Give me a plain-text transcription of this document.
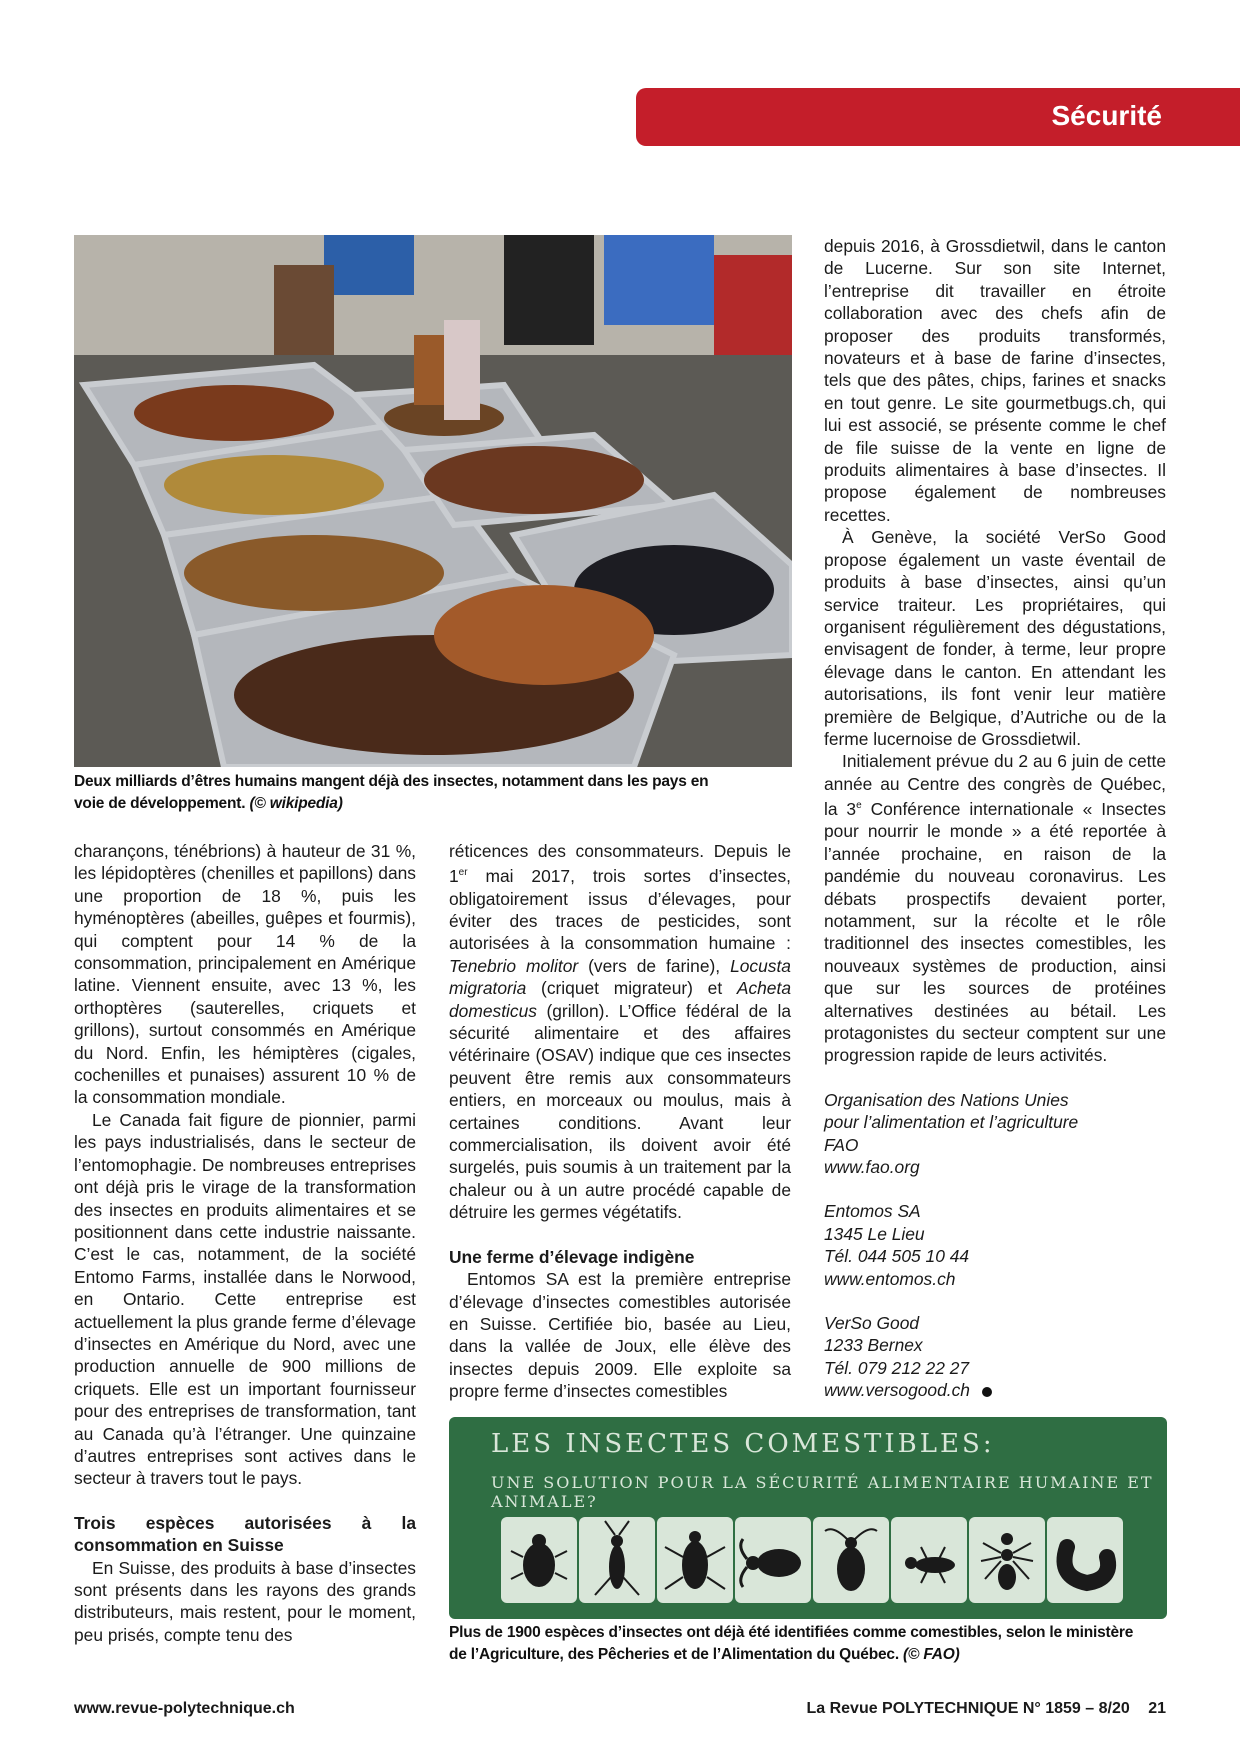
Sécurité
Deux milliards d’êtres humains mangent déjà des insectes, notamment dans les pays en voie de développement. (© wikipedia)

charançons, ténébrions) à hauteur de 31 %, les lépidoptères (chenilles et papillons) dans une proportion de 18 %, puis les hyménoptères (abeilles, guêpes et fourmis), qui comptent pour 14 % de la consommation, principalement en Amérique latine. Viennent ensuite, avec 13 %, les orthoptères (sauterelles, criquets et grillons), surtout consommés en Amérique du Nord. Enfin, les hémiptères (cigales, cochenilles et punaises) assurent 10 % de la consommation mondiale.

Le Canada fait figure de pionnier, parmi les pays industrialisés, dans le secteur de l’entomophagie. De nombreuses entreprises ont déjà pris le virage de la transformation des insectes en produits alimentaires et se positionnent dans cette industrie naissante. C’est le cas, notamment, de la société Entomo Farms, installée dans le Norwood, en Ontario. Cette entreprise est actuellement la plus grande ferme d’élevage d’insectes en Amérique du Nord, avec une production annuelle de 900 millions de criquets. Elle est un important fournisseur pour des entreprises de transformation, tant au Canada qu’à l’étranger. Une quinzaine d’autres entreprises sont actives dans le secteur à travers tout le pays.

Trois espèces autorisées à la consommation en Suisse

En Suisse, des produits à base d’insectes sont présents dans les rayons des grands distributeurs, mais restent, pour le moment, peu prisés, compte tenu des

réticences des consommateurs. Depuis le 1er mai 2017, trois sortes d’insectes, obligatoirement issus d’élevages, pour éviter des traces de pesticides, sont autorisées à la consommation humaine : Tenebrio molitor (vers de farine), Locusta migratoria (criquet migrateur) et Acheta domesticus (grillon). L’Office fédéral de la sécurité alimentaire et des affaires vétérinaire (OSAV) indique que ces insectes peuvent être remis aux consommateurs entiers, en morceaux ou moulus, mais à certaines conditions. Avant leur commercialisation, ils doivent avoir été surgelés, puis soumis à un traitement par la chaleur ou à un autre procédé capable de détruire les germes végétatifs.

Une ferme d’élevage indigène

Entomos SA est la première entreprise d’élevage d’insectes comestibles autorisée en Suisse. Certifiée bio, basée au Lieu, dans la vallée de Joux, elle élève des insectes depuis 2009. Elle exploite sa propre ferme d’insectes comestibles

depuis 2016, à Grossdietwil, dans le canton de Lucerne. Sur son site Internet, l’entreprise dit travailler en étroite collaboration avec des chefs afin de proposer des produits transformés, novateurs et à base de farine d’insectes, tels que des pâtes, chips, farines et snacks en tout genre. Le site gourmetbugs.ch, qui lui est associé, se présente comme le chef de file suisse de la vente en ligne de produits alimentaires à base d’insectes. Il propose également de nombreuses recettes.

À Genève, la société VerSo Good propose également un vaste éventail de produits à base d’insectes, ainsi qu’un service traiteur. Les propriétaires, qui organisent régulièrement des dégustations, envisagent de fonder, à terme, leur propre élevage dans le canton. En attendant les autorisations, ils font venir leur matière première de Belgique, d’Autriche ou de la ferme lucernoise de Grossdietwil.

Initialement prévue du 2 au 6 juin de cette année au Centre des congrès de Québec, la 3e Conférence internationale « Insectes pour nourrir le monde » a été reportée à l’année prochaine, en raison de la pandémie du nouveau coronavirus. Les débats prospectifs devaient porter, notamment, sur la récolte et le rôle traditionnel des insectes comestibles, les nouveaux systèmes de production, ainsi que sur les sources de protéines alternatives destinées au bétail. Les protagonistes du secteur comptent sur une progression rapide de leurs activités.

Organisation des Nations Unies
pour l’alimentation et l’agriculture
FAO
www.fao.org
Entomos SA
1345 Le Lieu
Tél. 044 505 10 44
www.entomos.ch
VerSo Good
1233 Bernex
Tél. 079 212 22 27
www.versogood.ch
LES INSECTES COMESTIBLES:
UNE SOLUTION POUR LA SÉCURITÉ ALIMENTAIRE HUMAINE ET ANIMALE?
Plus de 1900 espèces d’insectes ont déjà été identifiées comme comestibles, selon le ministère de l’Agriculture, des Pêcheries et de l’Alimentation du Québec. (© FAO)
www.revue-polytechnique.ch	La Revue POLYTECHNIQUE N° 1859 – 8/20 21
